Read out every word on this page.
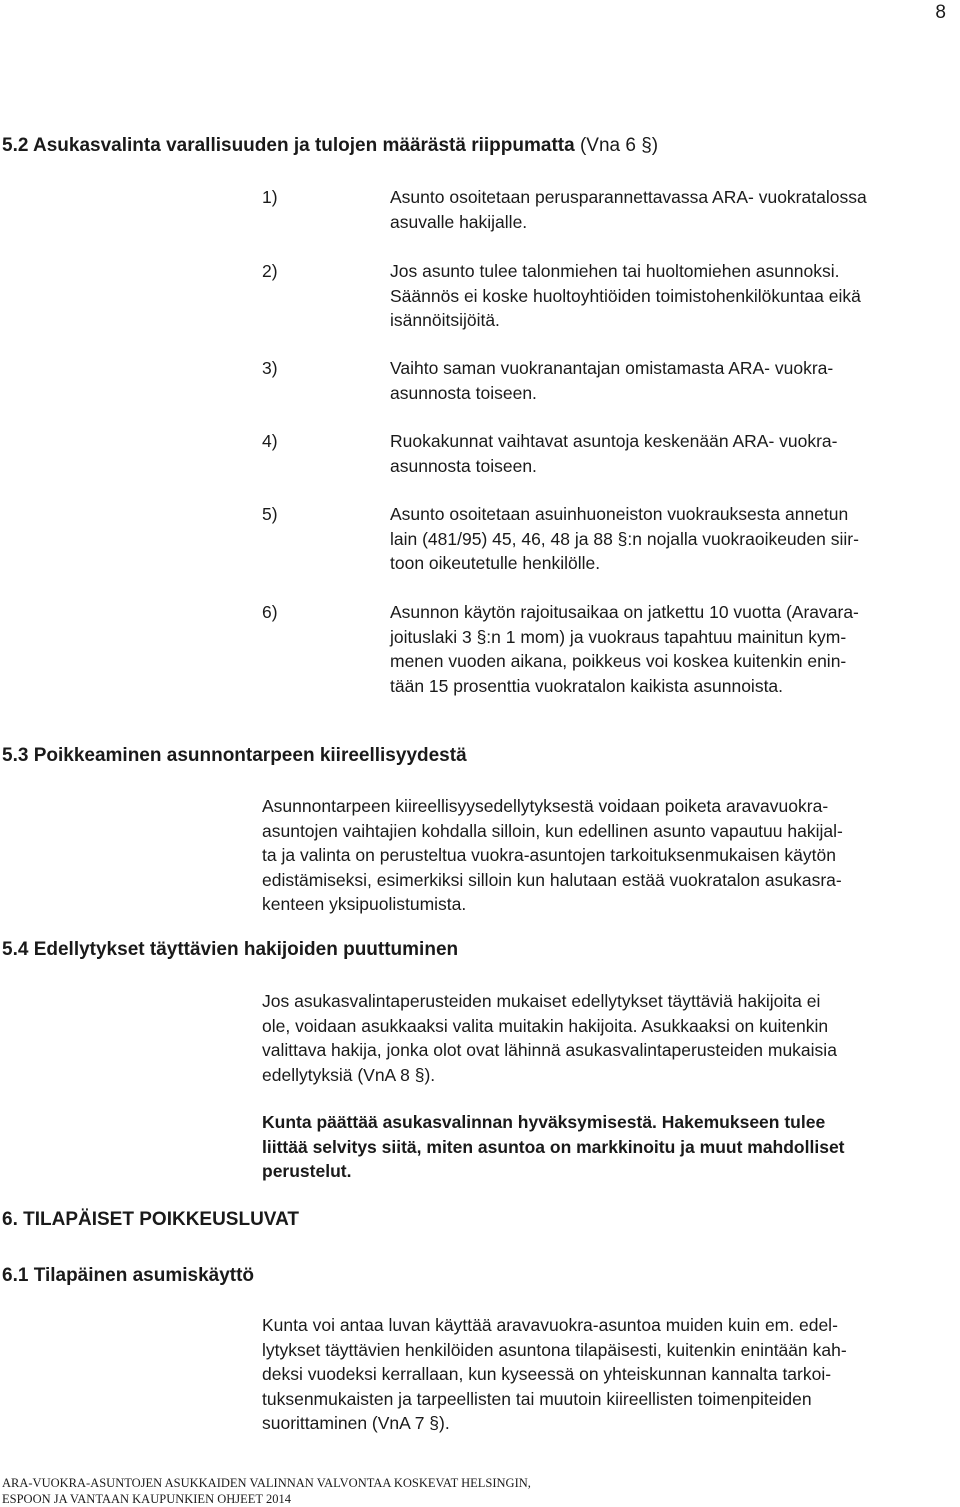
8
5.2 Asukasvalinta varallisuuden ja tulojen määrästä riippumatta (Vna 6 §)
1)	Asunto osoitetaan perusparannettavassa ARA- vuokratalossa
asuvalle hakijalle.
2)	Jos asunto tulee talonmiehen tai huoltomiehen asunnoksi.
Säännös ei koske huoltoyhtiöiden toimistohenkilökuntaa eikä
isännöitsijöitä.
3)	Vaihto saman vuokranantajan omistamasta ARA- vuokra-
asunnosta toiseen.
4)	Ruokakunnat vaihtavat asuntoja keskenään ARA- vuokra-
asunnosta toiseen.
5)	Asunto osoitetaan asuinhuoneiston vuokrauksesta annetun
lain (481/95) 45, 46, 48 ja 88 §:n nojalla vuokraoikeuden siir-
toon oikeutetulle henkilölle.
6)	Asunnon käytön rajoitusaikaa on jatkettu 10 vuotta (Aravara-
joituslaki 3 §:n 1 mom) ja vuokraus tapahtuu mainitun kym-
menen vuoden aikana, poikkeus voi koskea kuitenkin enin-
tään 15 prosenttia vuokratalon kaikista asunnoista.
5.3 Poikkeaminen asunnontarpeen kiireellisyydestä
Asunnontarpeen kiireellisyysedellytyksestä voidaan poiketa aravavuokra-
asuntojen vaihtajien kohdalla silloin, kun edellinen asunto vapautuu hakijal-
ta ja valinta on perusteltua vuokra-asuntojen tarkoituksenmukaisen käytön
edistämiseksi, esimerkiksi silloin kun halutaan estää vuokratalon asukasra-
kenteen yksipuolistumista.
5.4 Edellytykset täyttävien hakijoiden puuttuminen
Jos asukasvalintaperusteiden mukaiset edellytykset täyttäviä hakijoita ei
ole, voidaan asukkaaksi valita muitakin hakijoita. Asukkaaksi on kuitenkin
valittava hakija, jonka olot ovat lähinnä asukasvalintaperusteiden mukaisia
edellytyksiä (VnA 8 §).
Kunta päättää asukasvalinnan hyväksymisestä. Hakemukseen tulee
liittää selvitys siitä, miten asuntoa on markkinoitu ja muut mahdolliset
perustelut.
6. TILAPÄISET POIKKEUSLUVAT
6.1 Tilapäinen asumiskäyttö
Kunta voi antaa luvan käyttää aravavuokra-asuntoa muiden kuin em. edel-
lytykset täyttävien henkilöiden asuntona tilapäisesti, kuitenkin enintään kah-
deksi vuodeksi kerrallaan, kun kyseessä on yhteiskunnan kannalta tarkoi-
tuksenmukaisten ja tarpeellisten tai muutoin kiireellisten toimenpiteiden
suorittaminen (VnA 7 §).
ARA-VUOKRA-ASUNTOJEN ASUKKAIDEN VALINNAN VALVONTAA KOSKEVAT HELSINGIN,
ESPOON JA VANTAAN KAUPUNKIEN OHJEET 2014
